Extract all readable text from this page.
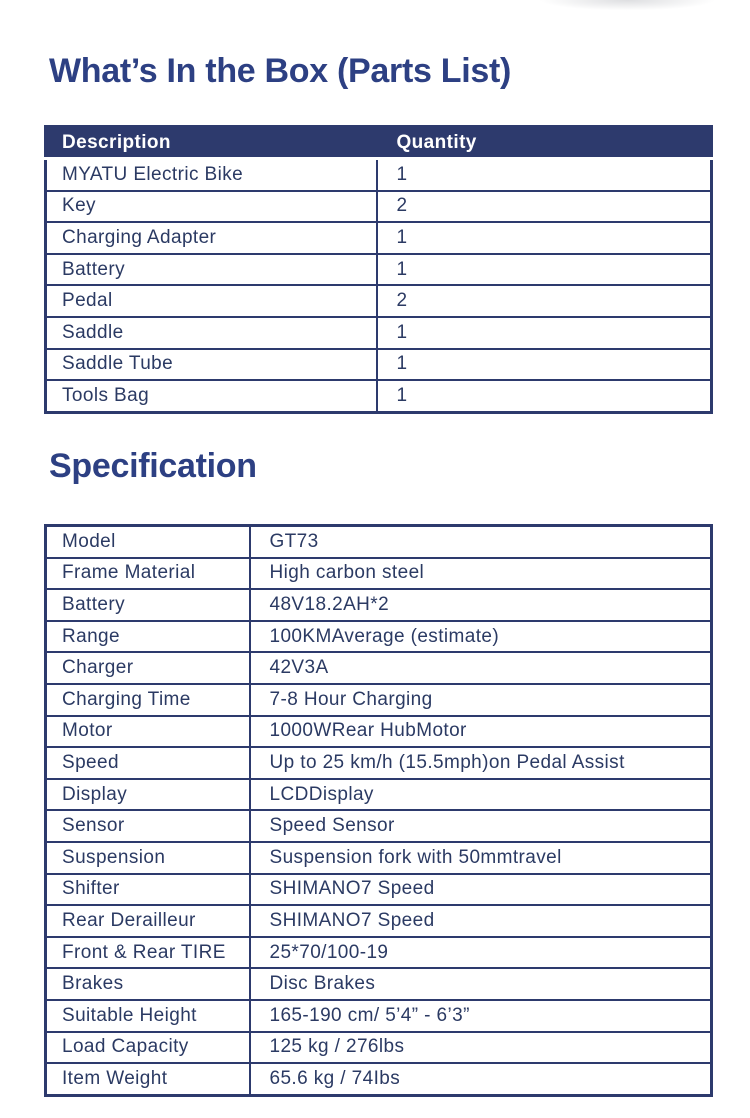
What’s In the Box (Parts List)
Description	Quantity
MYATU Electric Bike	1
Key	2
Charging Adapter	1
Battery	1
Pedal	2
Saddle	1
Saddle Tube	1
Tools Bag	1
Specification
Model	GT73
Frame Material	High carbon steel
Battery	48V18.2AH*2
Range	100KMAverage (estimate)
Charger	42V3A
Charging Time	7-8 Hour Charging
Motor	1000WRear HubMotor
Speed	Up to 25 km/h (15.5mph)on Pedal Assist
Display	LCDDisplay
Sensor	Speed Sensor
Suspension	Suspension fork with 50mmtravel
Shifter	SHIMANO7 Speed
Rear Derailleur	SHIMANO7 Speed
Front & Rear TIRE	25*70/100-19
Brakes	Disc Brakes
Suitable Height	165-190 cm/ 5’4” - 6’3”
Load Capacity	125 kg / 276lbs
Item Weight	65.6 kg / 74Ibs
